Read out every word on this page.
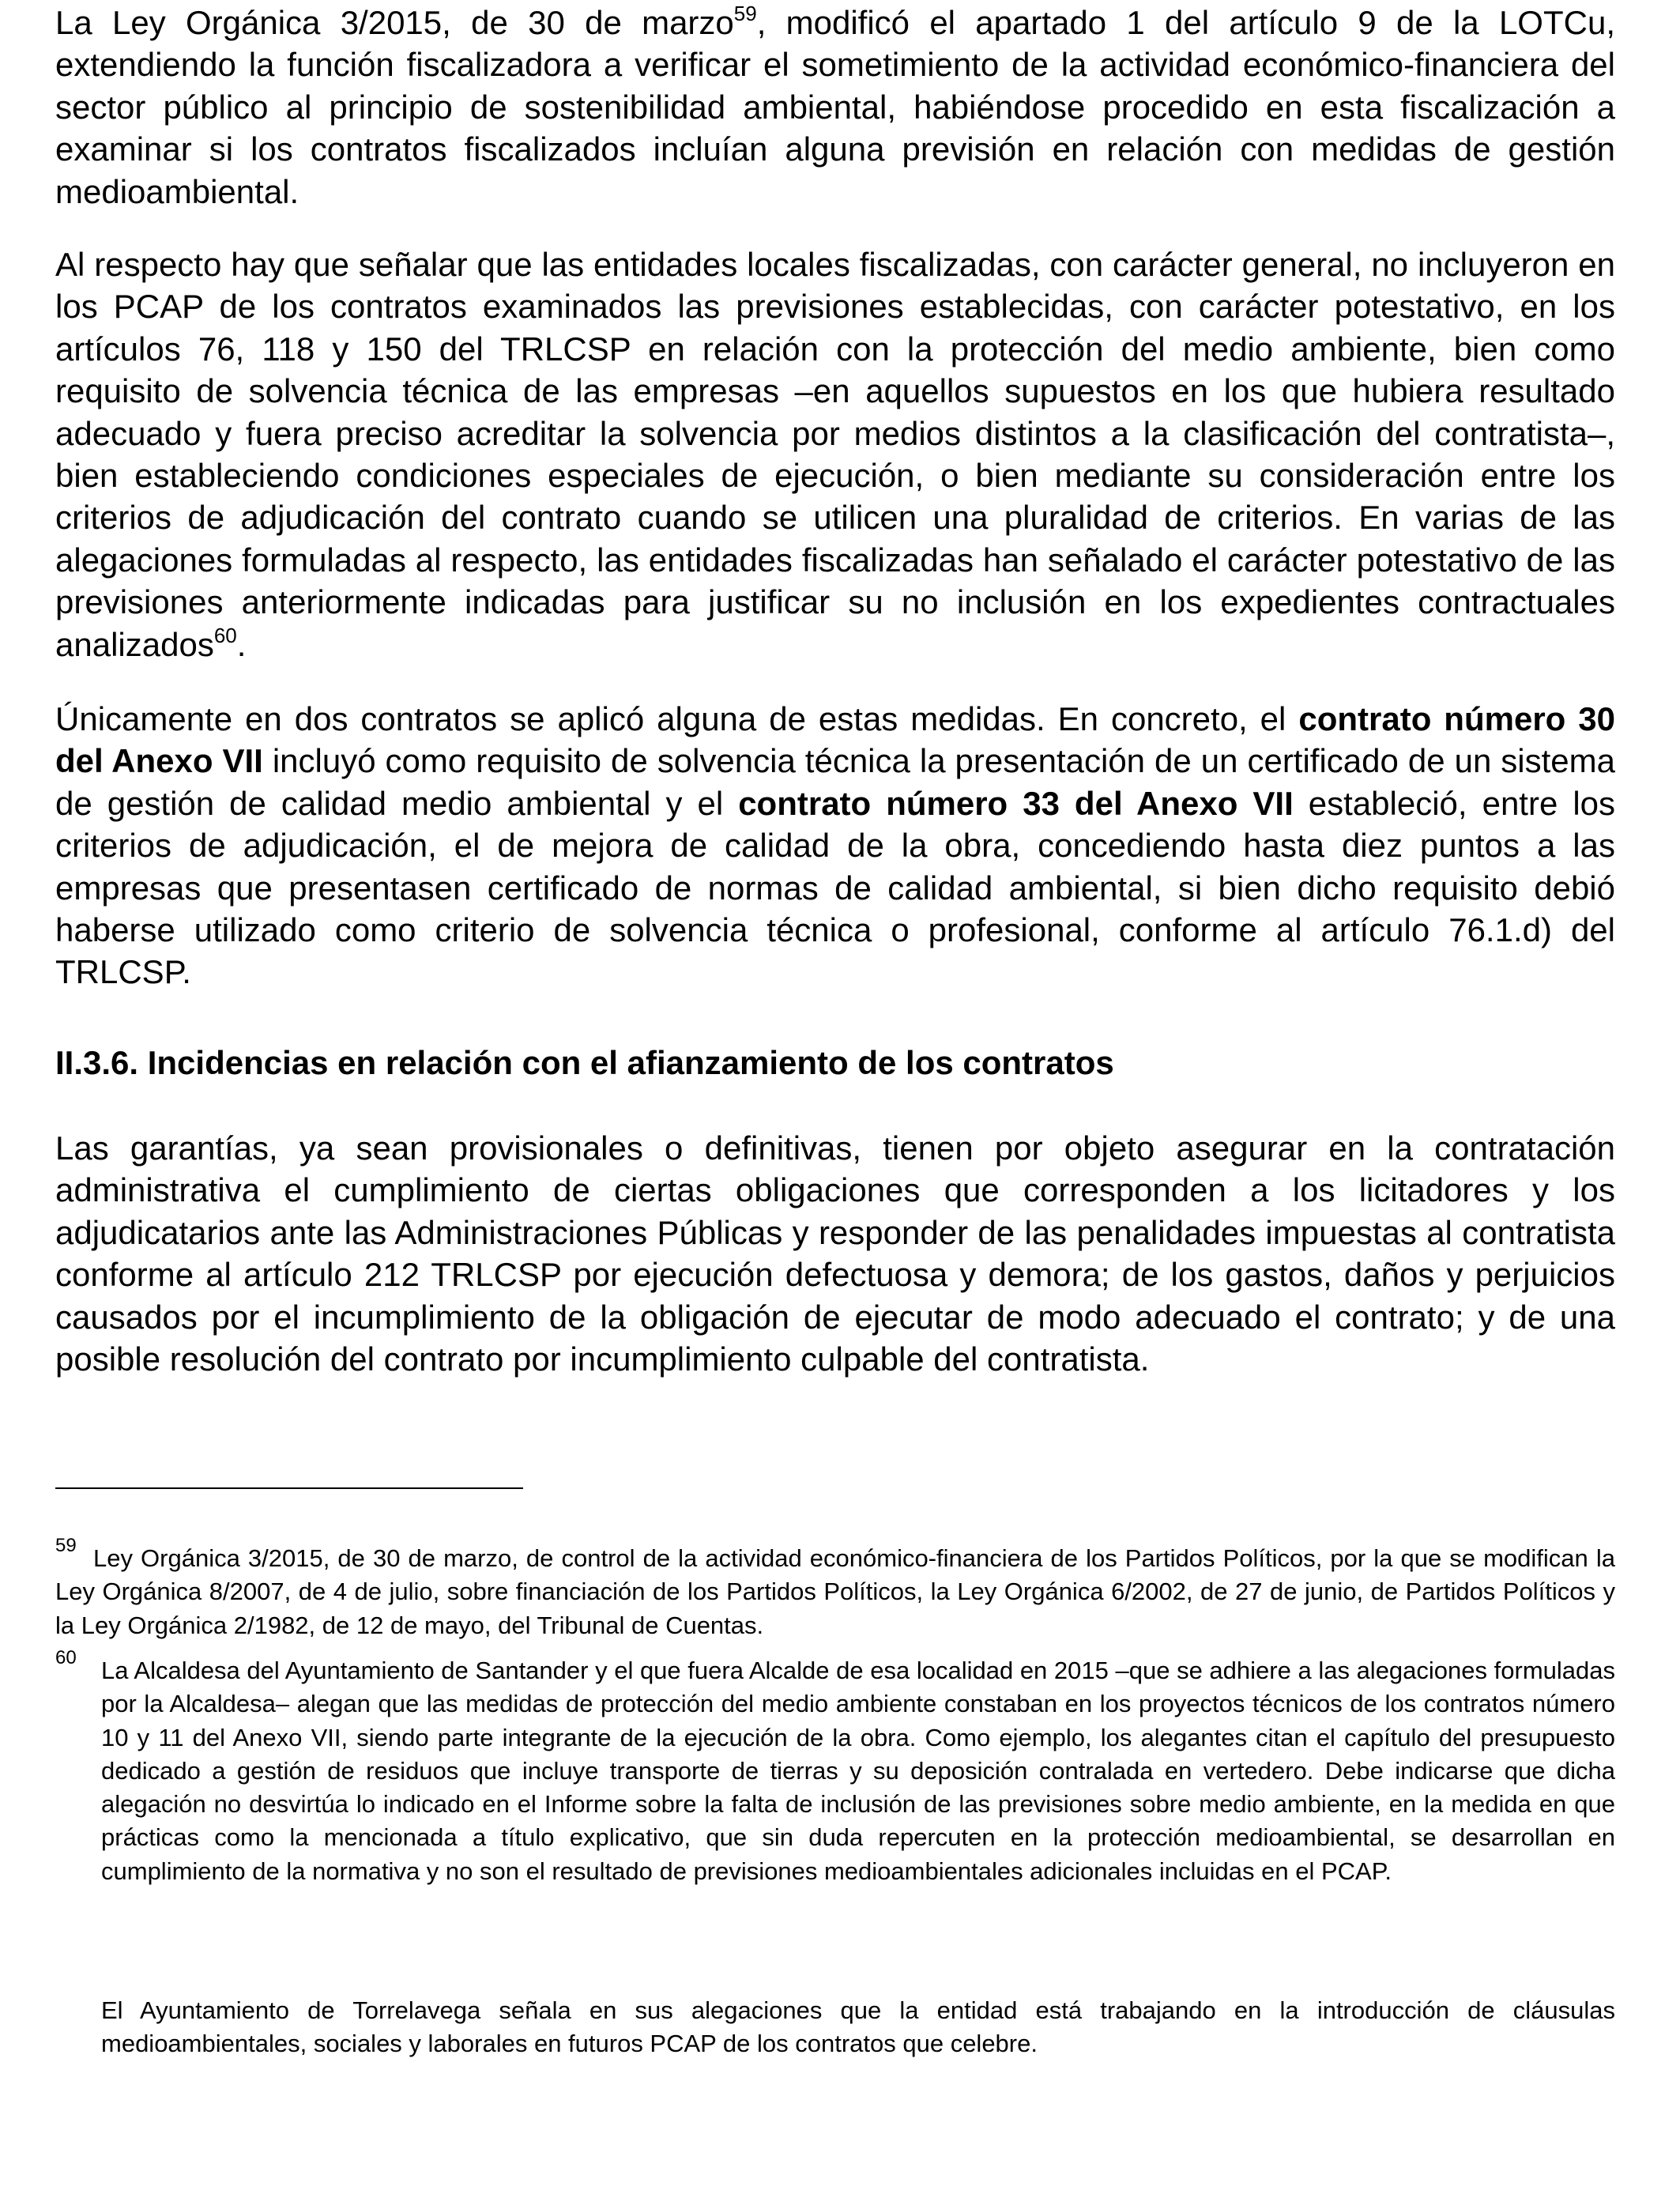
La Ley Orgánica 3/2015, de 30 de marzo$^{59}$, modificó el apartado 1 del artículo 9 de la LOTCu, extendiendo la función fiscalizadora a verificar el sometimiento de la actividad económico-financiera del sector público al principio de sostenibilidad ambiental, habiéndose procedido en esta fiscalización a examinar si los contratos fiscalizados incluían alguna previsión en relación con medidas de gestión medioambiental.

Al respecto hay que señalar que las entidades locales fiscalizadas, con carácter general, no incluyeron en los PCAP de los contratos examinados las previsiones establecidas, con carácter potestativo, en los artículos 76, 118 y 150 del TRLCSP en relación con la protección del medio ambiente, bien como requisito de solvencia técnica de las empresas –en aquellos supuestos en los que hubiera resultado adecuado y fuera preciso acreditar la solvencia por medios distintos a la clasificación del contratista–, bien estableciendo condiciones especiales de ejecución, o bien mediante su consideración entre los criterios de adjudicación del contrato cuando se utilicen una pluralidad de criterios. En varias de las alegaciones formuladas al respecto, las entidades fiscalizadas han señalado el carácter potestativo de las previsiones anteriormente indicadas para justificar su no inclusión en los expedientes contractuales analizados$^{60}$.

Únicamente en dos contratos se aplicó alguna de estas medidas. En concreto, el contrato número 30 del Anexo VII incluyó como requisito de solvencia técnica la presentación de un certificado de un sistema de gestión de calidad medio ambiental y el contrato número 33 del Anexo VII estableció, entre los criterios de adjudicación, el de mejora de calidad de la obra, concediendo hasta diez puntos a las empresas que presentasen certificado de normas de calidad ambiental, si bien dicho requisito debió haberse utilizado como criterio de solvencia técnica o profesional, conforme al artículo 76.1.d) del TRLCSP.

II.3.6. Incidencias en relación con el afianzamiento de los contratos

Las garantías, ya sean provisionales o definitivas, tienen por objeto asegurar en la contratación administrativa el cumplimiento de ciertas obligaciones que corresponden a los licitadores y los adjudicatarios ante las Administraciones Públicas y responder de las penalidades impuestas al contratista conforme al artículo 212 TRLCSP por ejecución defectuosa y demora; de los gastos, daños y perjuicios causados por el incumplimiento de la obligación de ejecutar de modo adecuado el contrato; y de una posible resolución del contrato por incumplimiento culpable del contratista.

59 Ley Orgánica 3/2015, de 30 de marzo, de control de la actividad económico-financiera de los Partidos Políticos, por la que se modifican la Ley Orgánica 8/2007, de 4 de julio, sobre financiación de los Partidos Políticos, la Ley Orgánica 6/2002, de 27 de junio, de Partidos Políticos y la Ley Orgánica 2/1982, de 12 de mayo, del Tribunal de Cuentas.
60 La Alcaldesa del Ayuntamiento de Santander y el que fuera Alcalde de esa localidad en 2015 –que se adhiere a las alegaciones formuladas por la Alcaldesa– alegan que las medidas de protección del medio ambiente constaban en los proyectos técnicos de los contratos número 10 y 11 del Anexo VII, siendo parte integrante de la ejecución de la obra. Como ejemplo, los alegantes citan el capítulo del presupuesto dedicado a gestión de residuos que incluye transporte de tierras y su deposición contralada en vertedero. Debe indicarse que dicha alegación no desvirtúa lo indicado en el Informe sobre la falta de inclusión de las previsiones sobre medio ambiente, en la medida en que prácticas como la mencionada a título explicativo, que sin duda repercuten en la protección medioambiental, se desarrollan en cumplimiento de la normativa y no son el resultado de previsiones medioambientales adicionales incluidas en el PCAP.
El Ayuntamiento de Torrelavega señala en sus alegaciones que la entidad está trabajando en la introducción de cláusulas medioambientales, sociales y laborales en futuros PCAP de los contratos que celebre.
